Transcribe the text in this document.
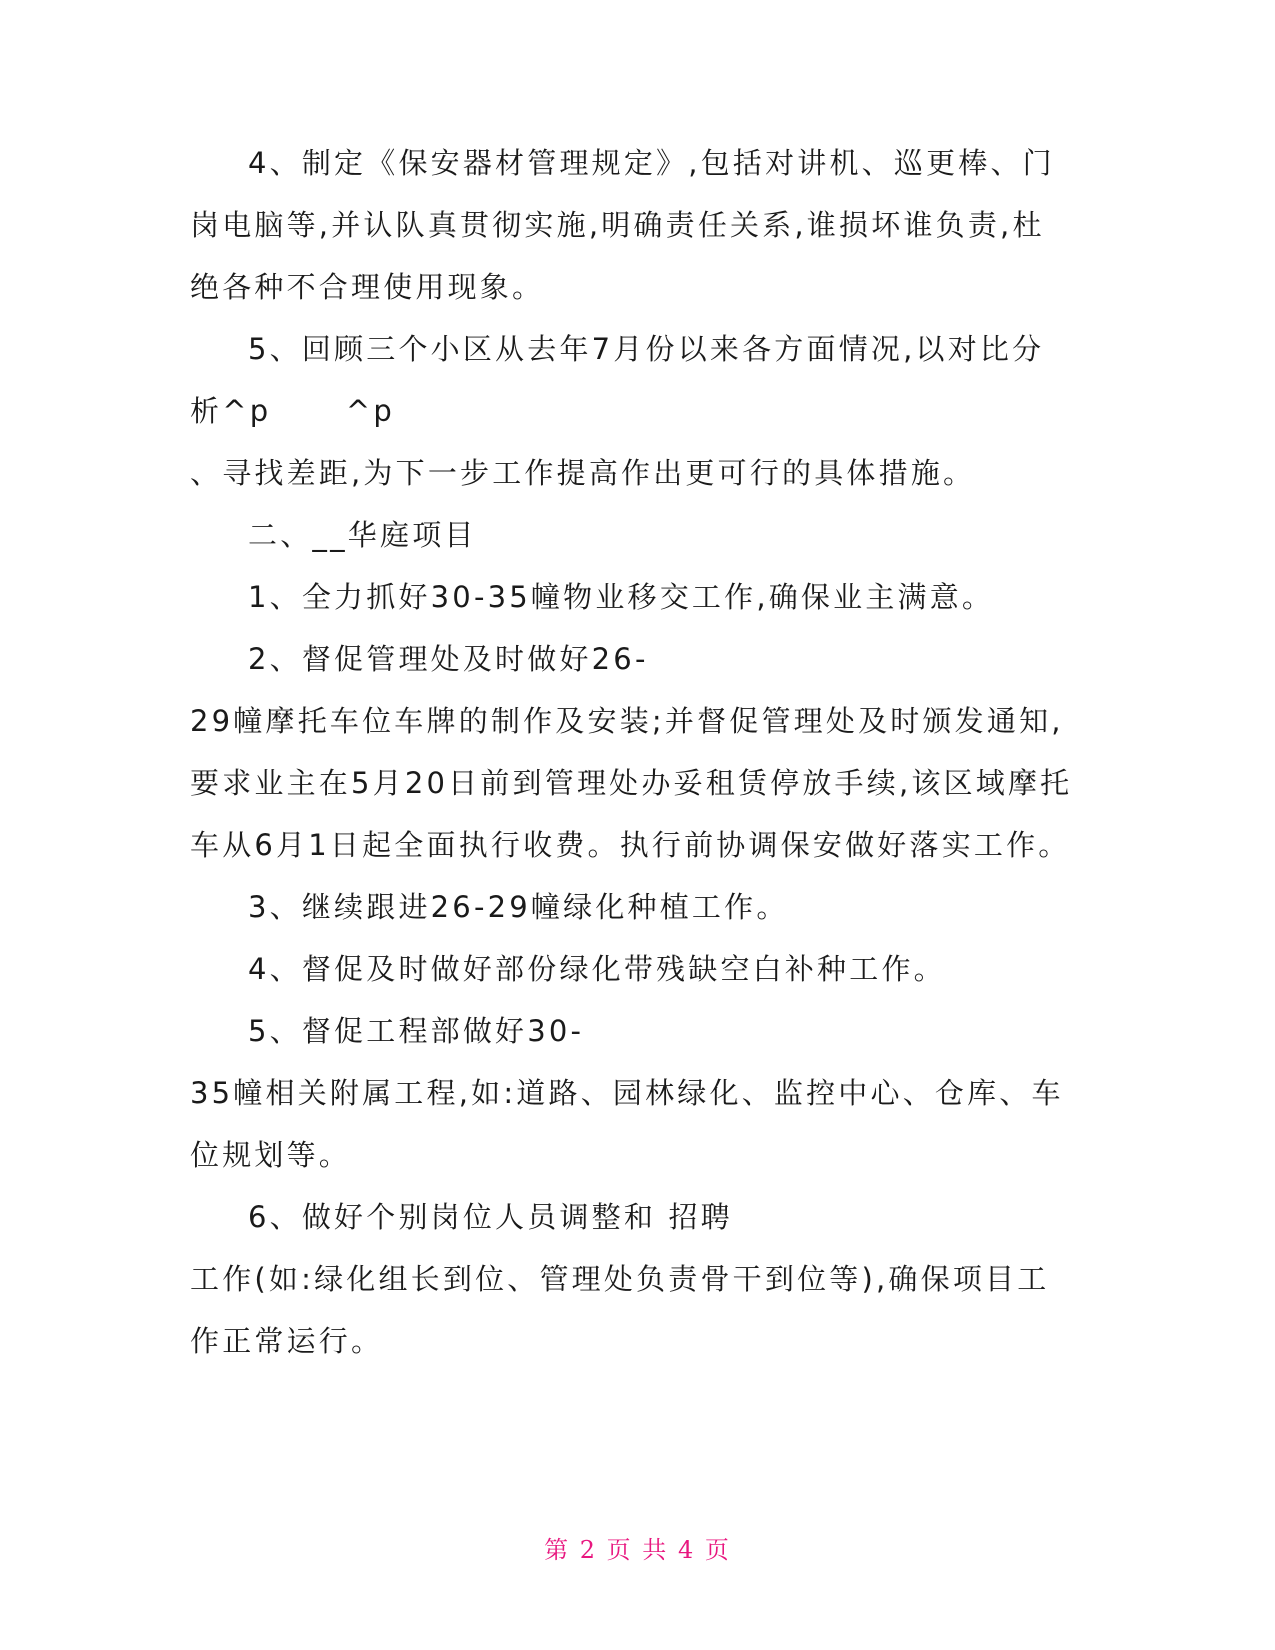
4、制定《保安器材管理规定》,包括对讲机、巡更棒、门
岗电脑等,并认队真贯彻实施,明确责任关系,谁损坏谁负责,杜
绝各种不合理使用现象。
5、回顾三个小区从去年7月份以来各方面情况,以对比分
析^p      ^p
、寻找差距,为下一步工作提高作出更可行的具体措施。
二、__华庭项目
1、全力抓好30-35幢物业移交工作,确保业主满意。
2、督促管理处及时做好26-
29幢摩托车位车牌的制作及安装;并督促管理处及时颁发通知,
要求业主在5月20日前到管理处办妥租赁停放手续,该区域摩托
车从6月1日起全面执行收费。执行前协调保安做好落实工作。
3、继续跟进26-29幢绿化种植工作。
4、督促及时做好部份绿化带残缺空白补种工作。
5、督促工程部做好30-
35幢相关附属工程,如:道路、园林绿化、监控中心、仓库、车
位规划等。
6、做好个别岗位人员调整和 招聘
工作(如:绿化组长到位、管理处负责骨干到位等),确保项目工
作正常运行。
第 2 页 共 4 页
